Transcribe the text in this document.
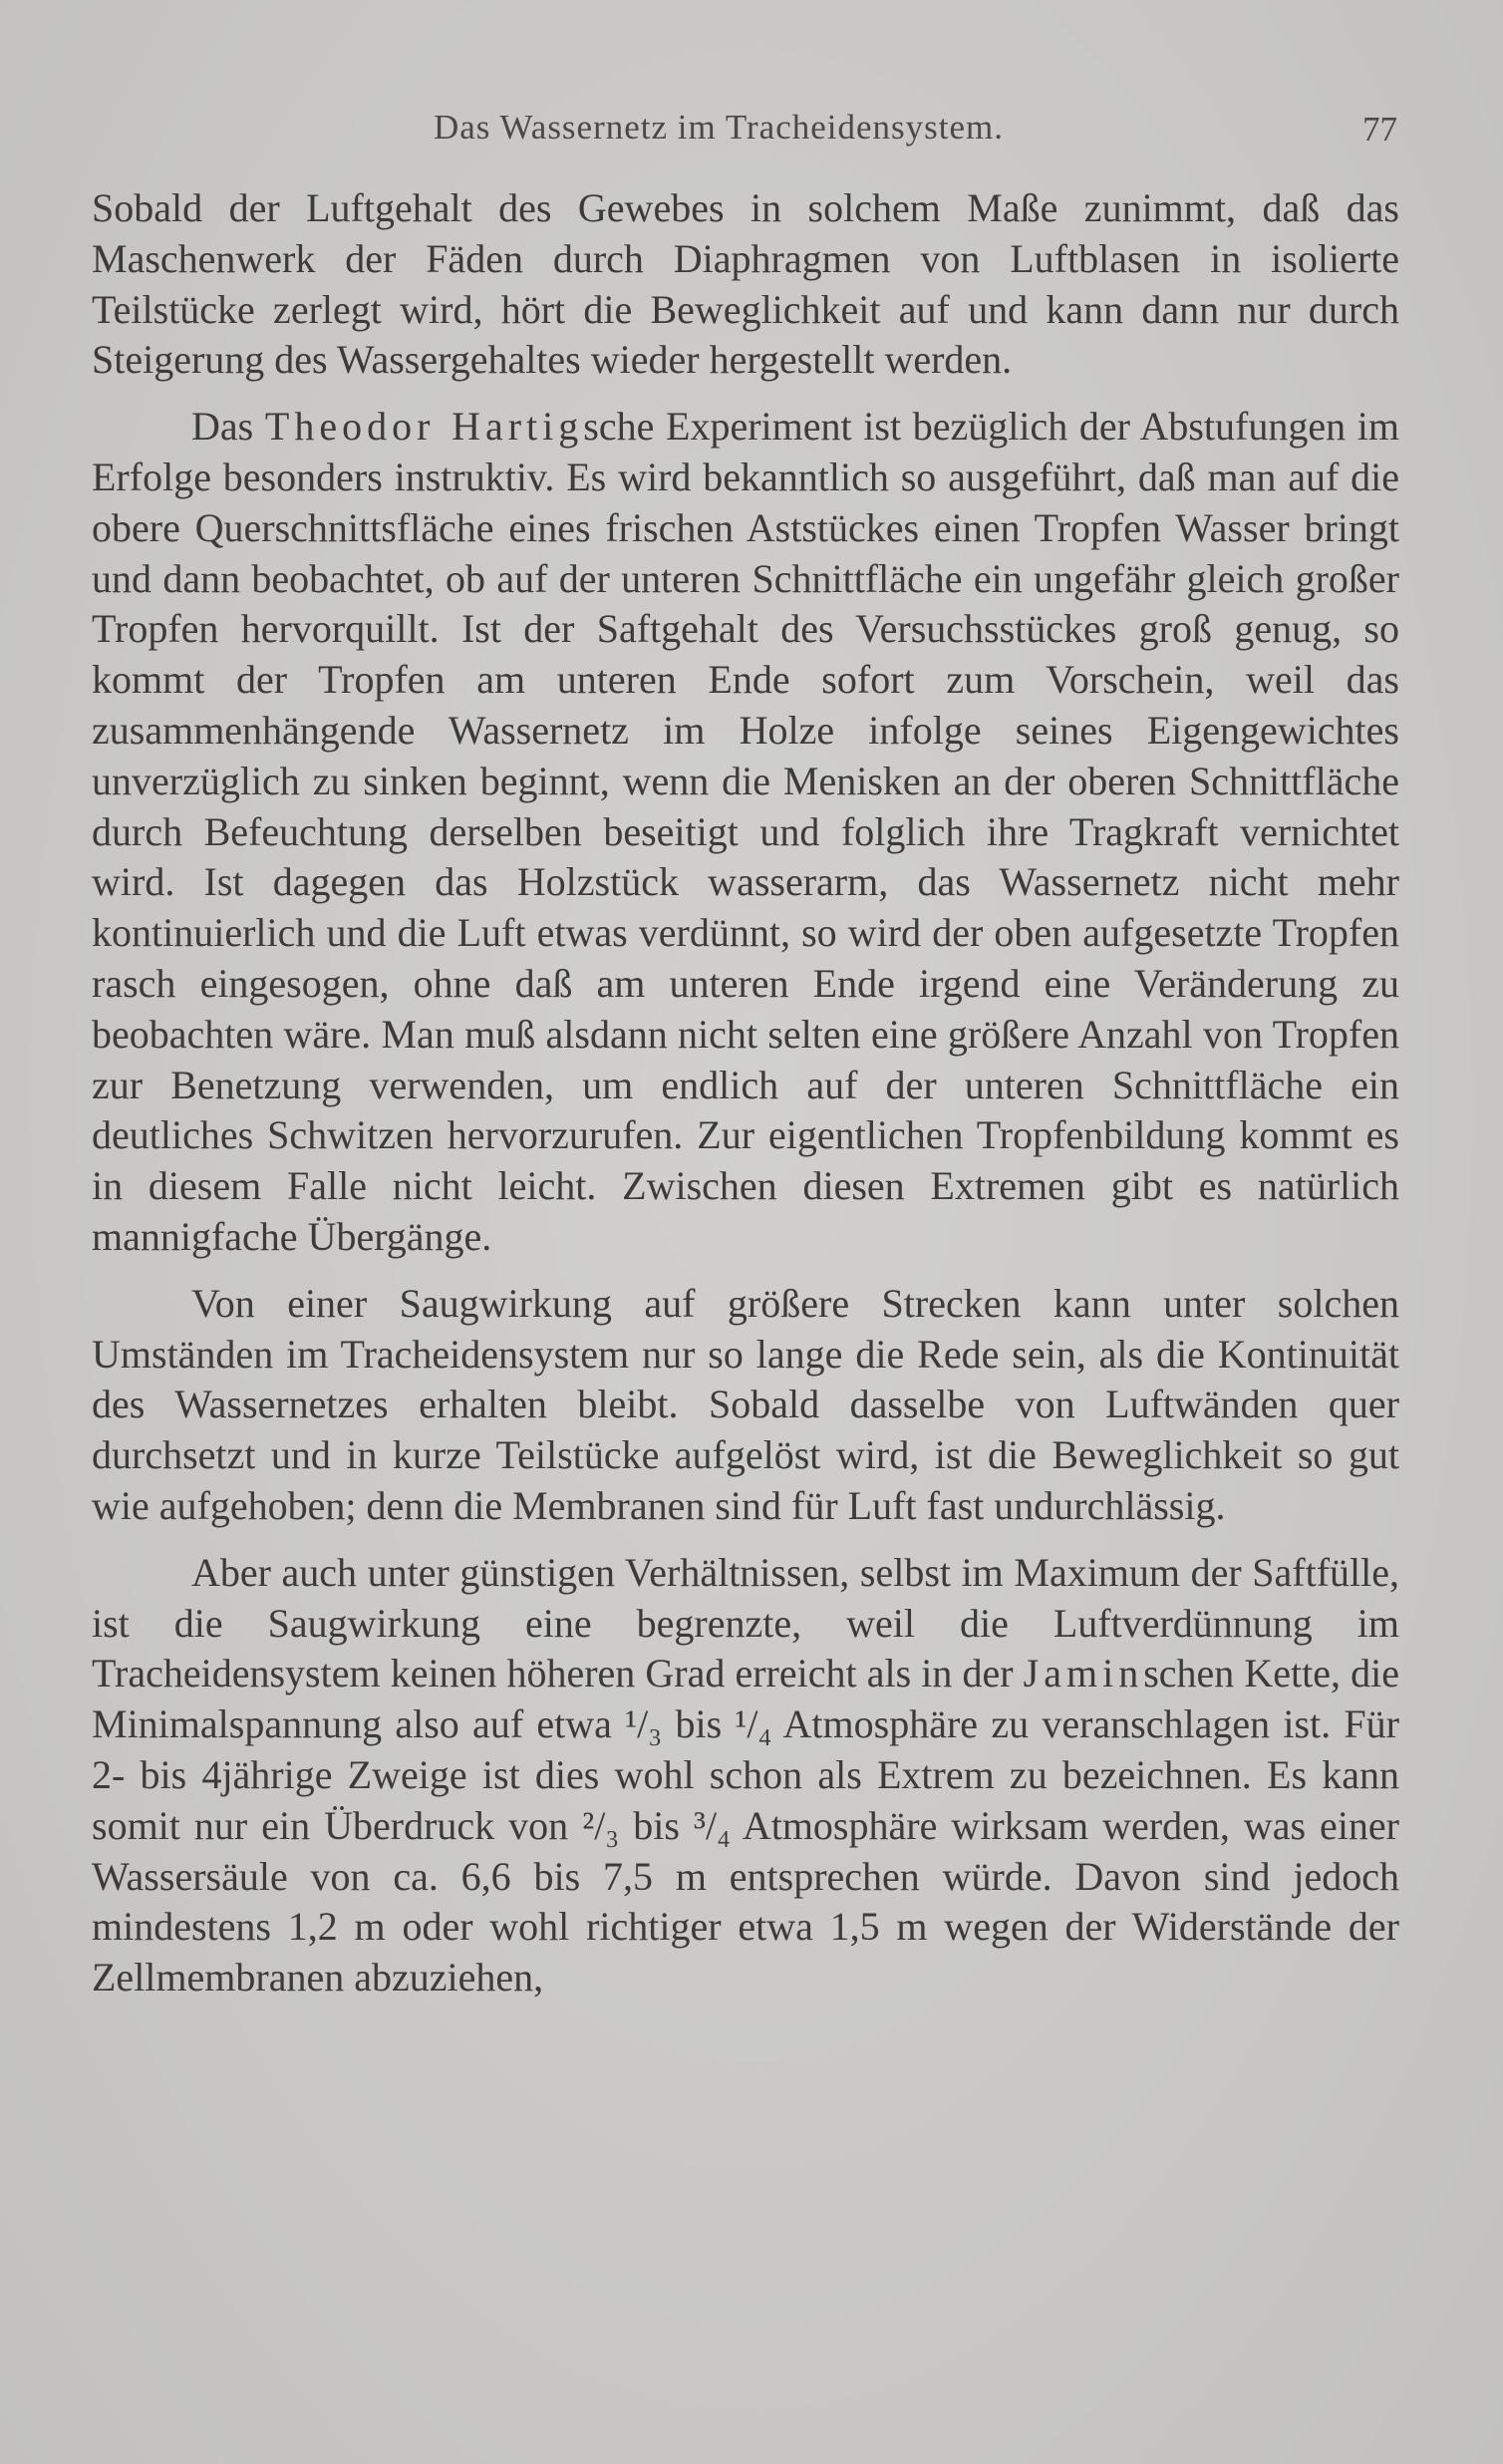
Das Wassernetz im Tracheidensystem.	77

Sobald der Luftgehalt des Gewebes in solchem Maße zunimmt, daß das Maschenwerk der Fäden durch Diaphragmen von Luftblasen in isolierte Teilstücke zerlegt wird, hört die Beweglichkeit auf und kann dann nur durch Steigerung des Wassergehaltes wieder hergestellt werden.

Das Theodor Hartigsche Experiment ist bezüglich der Abstufungen im Erfolge besonders instruktiv. Es wird bekanntlich so ausgeführt, daß man auf die obere Querschnittsfläche eines frischen Aststückes einen Tropfen Wasser bringt und dann beobachtet, ob auf der unteren Schnittfläche ein ungefähr gleich großer Tropfen hervorquillt. Ist der Saftgehalt des Versuchsstückes groß genug, so kommt der Tropfen am unteren Ende sofort zum Vorschein, weil das zusammenhängende Wassernetz im Holze infolge seines Eigengewichtes unverzüglich zu sinken beginnt, wenn die Menisken an der oberen Schnittfläche durch Befeuchtung derselben beseitigt und folglich ihre Tragkraft vernichtet wird. Ist dagegen das Holzstück wasserarm, das Wassernetz nicht mehr kontinuierlich und die Luft etwas verdünnt, so wird der oben aufgesetzte Tropfen rasch eingesogen, ohne daß am unteren Ende irgend eine Veränderung zu beobachten wäre. Man muß alsdann nicht selten eine größere Anzahl von Tropfen zur Benetzung verwenden, um endlich auf der unteren Schnittfläche ein deutliches Schwitzen hervorzurufen. Zur eigentlichen Tropfenbildung kommt es in diesem Falle nicht leicht. Zwischen diesen Extremen gibt es natürlich mannigfache Übergänge.

Von einer Saugwirkung auf größere Strecken kann unter solchen Umständen im Tracheidensystem nur so lange die Rede sein, als die Kontinuität des Wassernetzes erhalten bleibt. Sobald dasselbe von Luftwänden quer durchsetzt und in kurze Teilstücke aufgelöst wird, ist die Beweglichkeit so gut wie aufgehoben; denn die Membranen sind für Luft fast undurchlässig.

Aber auch unter günstigen Verhältnissen, selbst im Maximum der Saftfülle, ist die Saugwirkung eine begrenzte, weil die Luftverdünnung im Tracheidensystem keinen höheren Grad erreicht als in der Jaminschen Kette, die Minimalspannung also auf etwa ¹/₃ bis ¹/₄ Atmosphäre zu veranschlagen ist. Für 2- bis 4jährige Zweige ist dies wohl schon als Extrem zu bezeichnen. Es kann somit nur ein Überdruck von ²/₃ bis ³/₄ Atmosphäre wirksam werden, was einer Wassersäule von ca. 6,6 bis 7,5 m entsprechen würde. Davon sind jedoch mindestens 1,2 m oder wohl richtiger etwa 1,5 m wegen der Widerstände der Zellmembranen abzuziehen,
